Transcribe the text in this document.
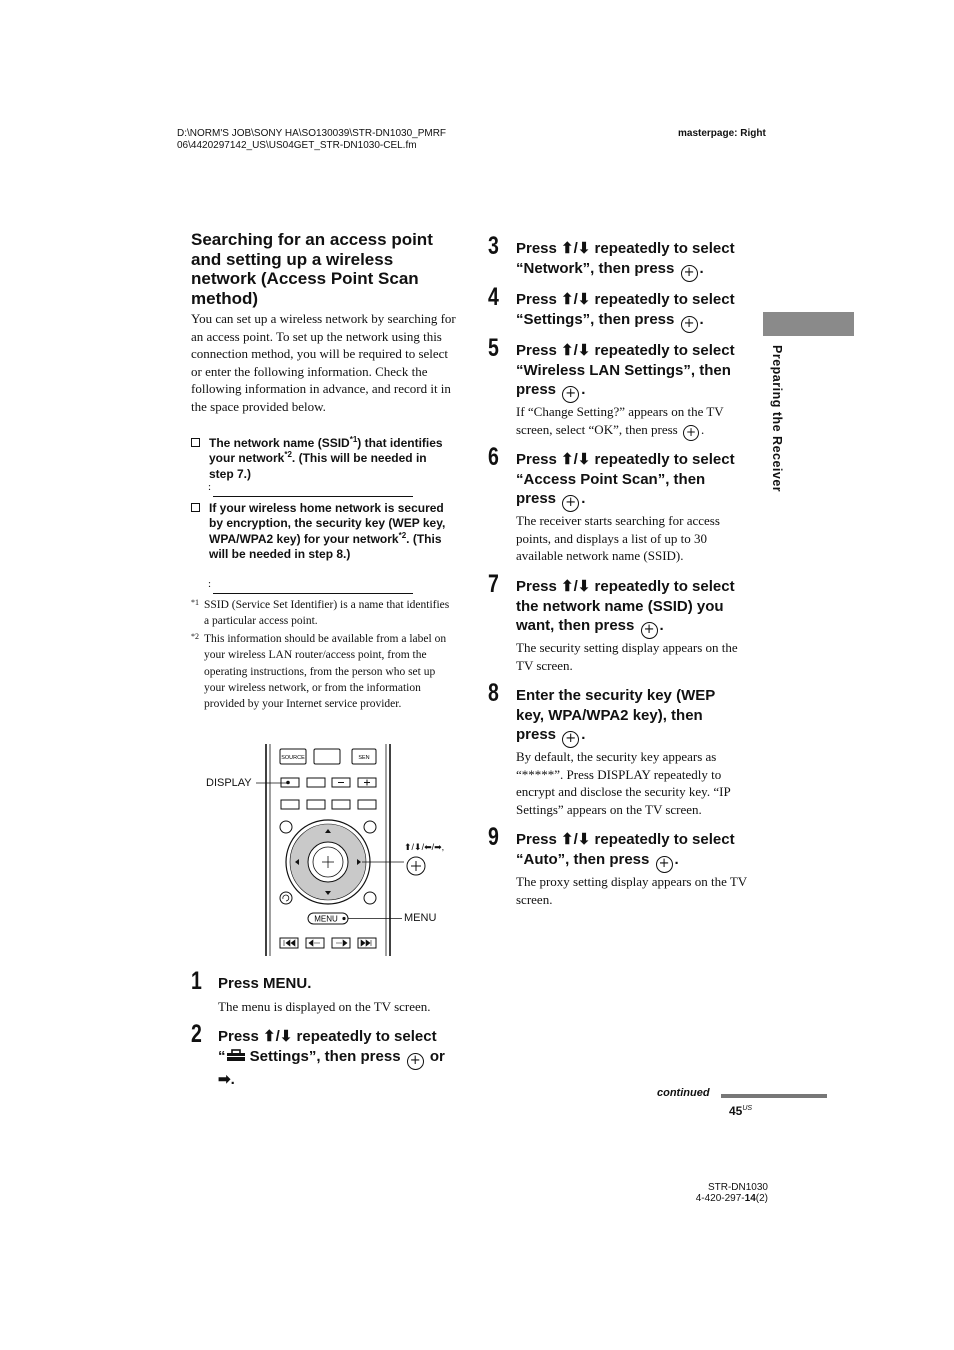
D:\NORM'S JOB\SONY HA\SO130039\STR-DN1030_PMRF
06\4420297142_US\US04GET_STR-DN1030-CEL.fm
masterpage: Right
Searching for an access point and setting up a wireless network (Access Point Scan method)
You can set up a wireless network by searching for an access point. To set up the network using this connection method, you will be required to select or enter the following information. Check the following information in advance, and record it in the space provided below.
The network name (SSID$^{*1}$) that identifies your network$^{*2}$. (This will be needed in step 7.)
:
If your wireless home network is secured by encryption, the security key (WEP key, WPA/WPA2 key) for your network$^{*2}$. (This will be needed in step 8.)
:
*1 SSID (Service Set Identifier) is a name that identifies a particular access point.
*2 This information should be available from a label on your wireless LAN router/access point, from the operating instructions, from the person who set up your wireless network, or from the information provided by your Internet service provider.
SOURCE	SEN
MENU
DISPLAY
⬆/⬇/⬅/➡,
MENU
1 Press MENU.
The menu is displayed on the TV screen.
2 Press ⬆/⬇ repeatedly to select
“ Settings”, then press + or
➡.
3 Press ⬆/⬇ repeatedly to select
“Network”, then press + .
4 Press ⬆/⬇ repeatedly to select
“Settings”, then press + .
5 Press ⬆/⬇ repeatedly to select
“Wireless LAN Settings”, then
press + .
If “Change Setting?” appears on the TV screen, select “OK”, then press + .
6 Press ⬆/⬇ repeatedly to select
“Access Point Scan”, then
press + .
The receiver starts searching for access points, and displays a list of up to 30 available network name (SSID).
7 Press ⬆/⬇ repeatedly to select
the network name (SSID) you
want, then press + .
The security setting display appears on the TV screen.
8 Enter the security key (WEP
key, WPA/WPA2 key), then
press + .
By default, the security key appears as “*****”. Press DISPLAY repeatedly to encrypt and disclose the security key. “IP Settings” appears on the TV screen.
9 Press ⬆/⬇ repeatedly to select
“Auto”, then press + .
The proxy setting display appears on the TV screen.
Preparing the Receiver
continued
$45^{US}$
STR-DN1030
4-420-297-14(2)
